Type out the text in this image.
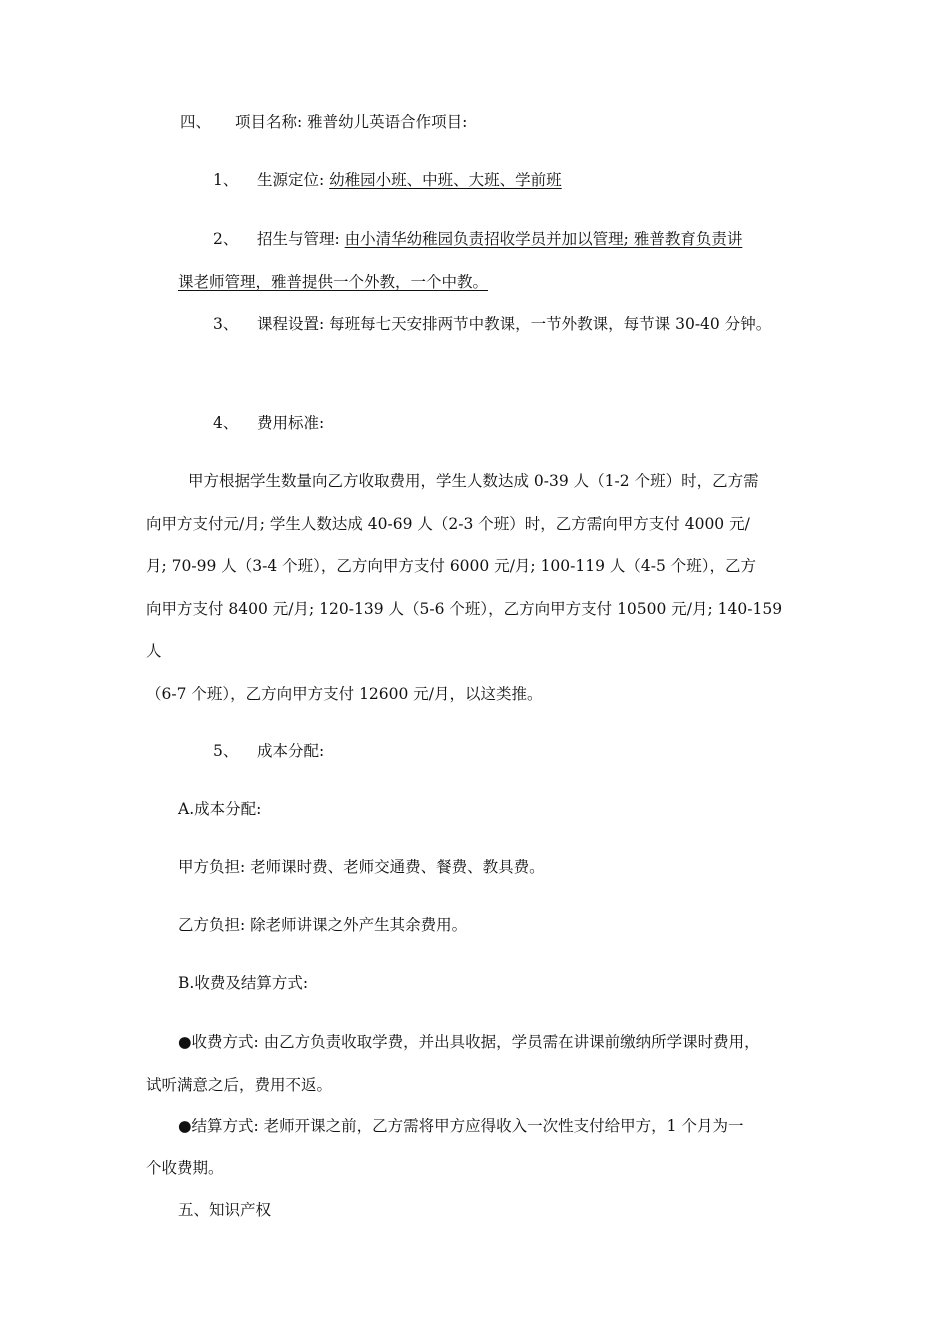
四、 项目名称: 雅普幼儿英语合作项目:
1、 生源定位: 幼稚园小班、中班、大班、学前班
2、 招生与管理: 由小清华幼稚园负责招收学员并加以管理; 雅普教育负责讲
课老师管理，雅普提供一个外教，一个中教。
3、 课程设置: 每班每七天安排两节中教课，一节外教课，每节课 30-40 分钟。
4、 费用标准:
甲方根据学生数量向乙方收取费用，学生人数达成 0-39 人（1-2 个班）时，乙方需
向甲方支付元/月; 学生人数达成 40-69 人（2-3 个班）时，乙方需向甲方支付 4000 元/
月; 70-99 人（3-4 个班），乙方向甲方支付 6000 元/月; 100-119 人（4-5 个班），乙方
向甲方支付 8400 元/月; 120-139 人（5-6 个班），乙方向甲方支付 10500 元/月; 140-159
人
（6-7 个班），乙方向甲方支付 12600 元/月，以这类推。
5、 成本分配:
A.成本分配:
甲方负担: 老师课时费、老师交通费、餐费、教具费。
乙方负担: 除老师讲课之外产生其余费用。
B.收费及结算方式:
●收费方式: 由乙方负责收取学费，并出具收据，学员需在讲课前缴纳所学课时费用，
试听满意之后，费用不返。
●结算方式: 老师开课之前，乙方需将甲方应得收入一次性支付给甲方，1 个月为一
个收费期。
五、知识产权
